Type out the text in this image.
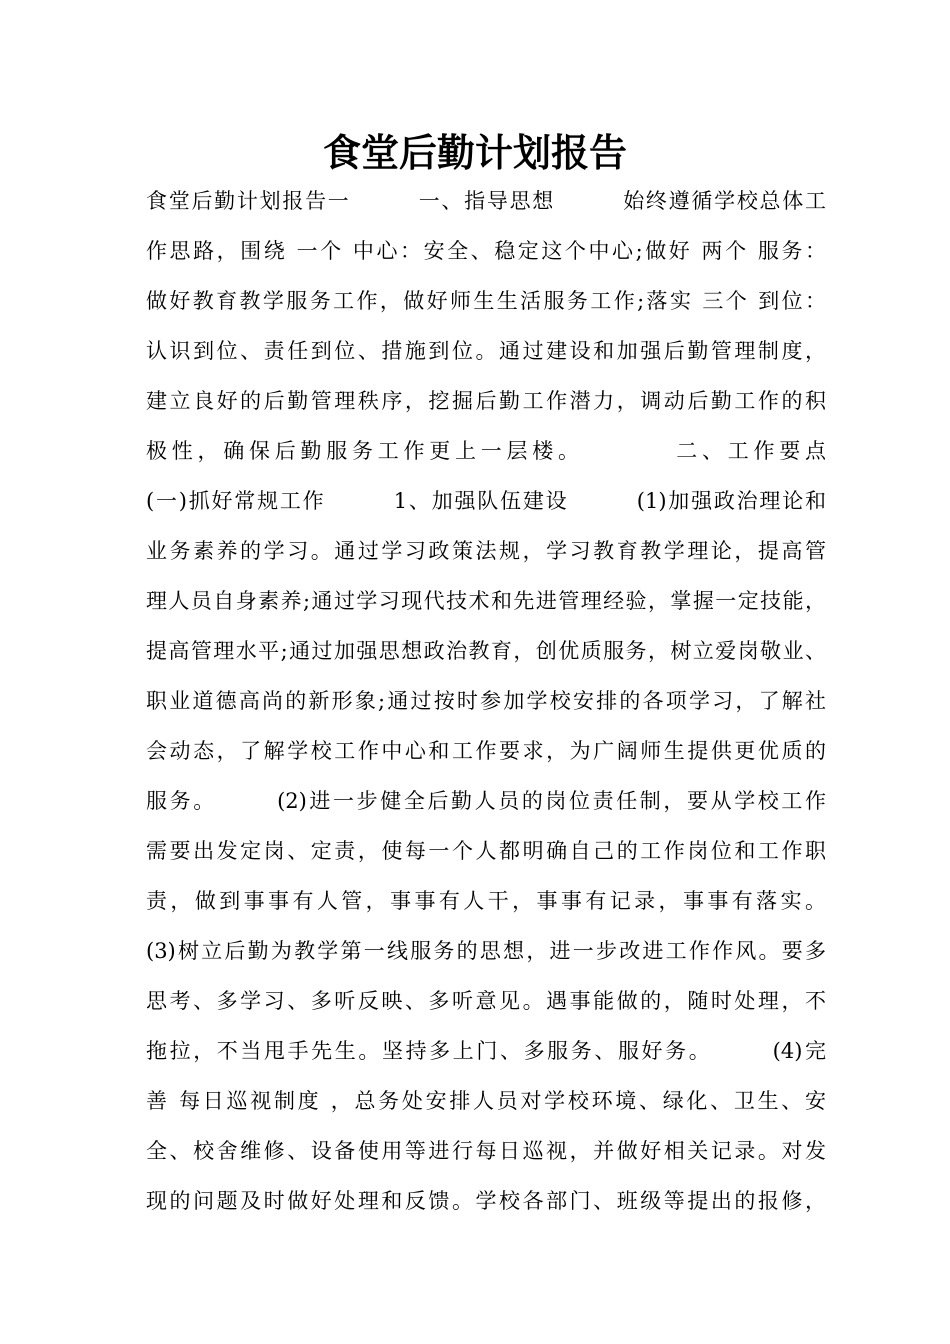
食堂后勤计划报告
食堂后勤计划报告一　　　一、指导思想　　　始终遵循学校总体工
作思路，围绕 一个 中心：安全、稳定这个中心;做好 两个 服务：
做好教育教学服务工作，做好师生生活服务工作;落实 三个 到位：
认识到位、责任到位、措施到位。通过建设和加强后勤管理制度，
建立良好的后勤管理秩序，挖掘后勤工作潜力，调动后勤工作的积
极性，确保后勤服务工作更上一层楼。　　　　二、工作要点
(一)抓好常规工作　　　1、加强队伍建设　　　(1)加强政治理论和
业务素养的学习。通过学习政策法规，学习教育教学理论，提高管
理人员自身素养;通过学习现代技术和先进管理经验，掌握一定技能，
提高管理水平;通过加强思想政治教育，创优质服务，树立爱岗敬业、
职业道德高尚的新形象;通过按时参加学校安排的各项学习，了解社
会动态，了解学校工作中心和工作要求，为广阔师生提供更优质的
服务。　　　(2)进一步健全后勤人员的岗位责任制，要从学校工作
需要出发定岗、定责，使每一个人都明确自己的工作岗位和工作职
责，做到事事有人管，事事有人干，事事有记录，事事有落实。
(3)树立后勤为教学第一线服务的思想，进一步改进工作作风。要多
思考、多学习、多听反映、多听意见。遇事能做的，随时处理，不
拖拉，不当甩手先生。坚持多上门、多服务、服好务。　　　(4)完
善 每日巡视制度 ，总务处安排人员对学校环境、绿化、卫生、安
全、校舍维修、设备使用等进行每日巡视，并做好相关记录。对发
现的问题及时做好处理和反馈。学校各部门、班级等提出的报修，
